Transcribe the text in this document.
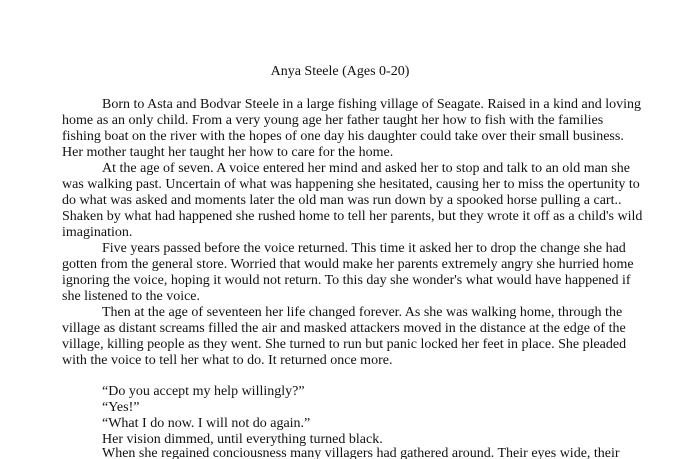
Anya Steele (Ages 0-20)
Born to Asta and Bodvar Steele in a large fishing village of Seagate. Raised in a kind and loving
home as an only child. From a very young age her father taught her how to fish with the families
fishing boat on the river with the hopes of one day his daughter could take over their small business.
Her mother taught her taught her how to care for the home.
At the age of seven. A voice entered her mind and asked her to stop and talk to an old man she
was walking past. Uncertain of what was happening she hesitated, causing her to miss the opertunity to
do what was asked and moments later the old man was run down by a spooked horse pulling a cart..
Shaken by what had happened she rushed home to tell her parents, but they wrote it off as a child's wild
imagination.
Five years passed before the voice returned. This time it asked her to drop the change she had
gotten from the general store. Worried that would make her parents extremely angry she hurried home
ignoring the voice, hoping it would not return. To this day she wonder's what would have happened if
she listened to the voice.
Then at the age of seventeen her life changed forever. As she was walking home, through the
village as distant screams filled the air and masked attackers moved in the distance at the edge of the
village, killing people as they went. She turned to run but panic locked her feet in place. She pleaded
with the voice to tell her what to do. It returned once more.
“Do you accept my help willingly?”
“Yes!”
“What I do now. I will not do again.”
Her vision dimmed, until everything turned black.
When she regained conciousness many villagers had gathered around. Their eyes wide, their
